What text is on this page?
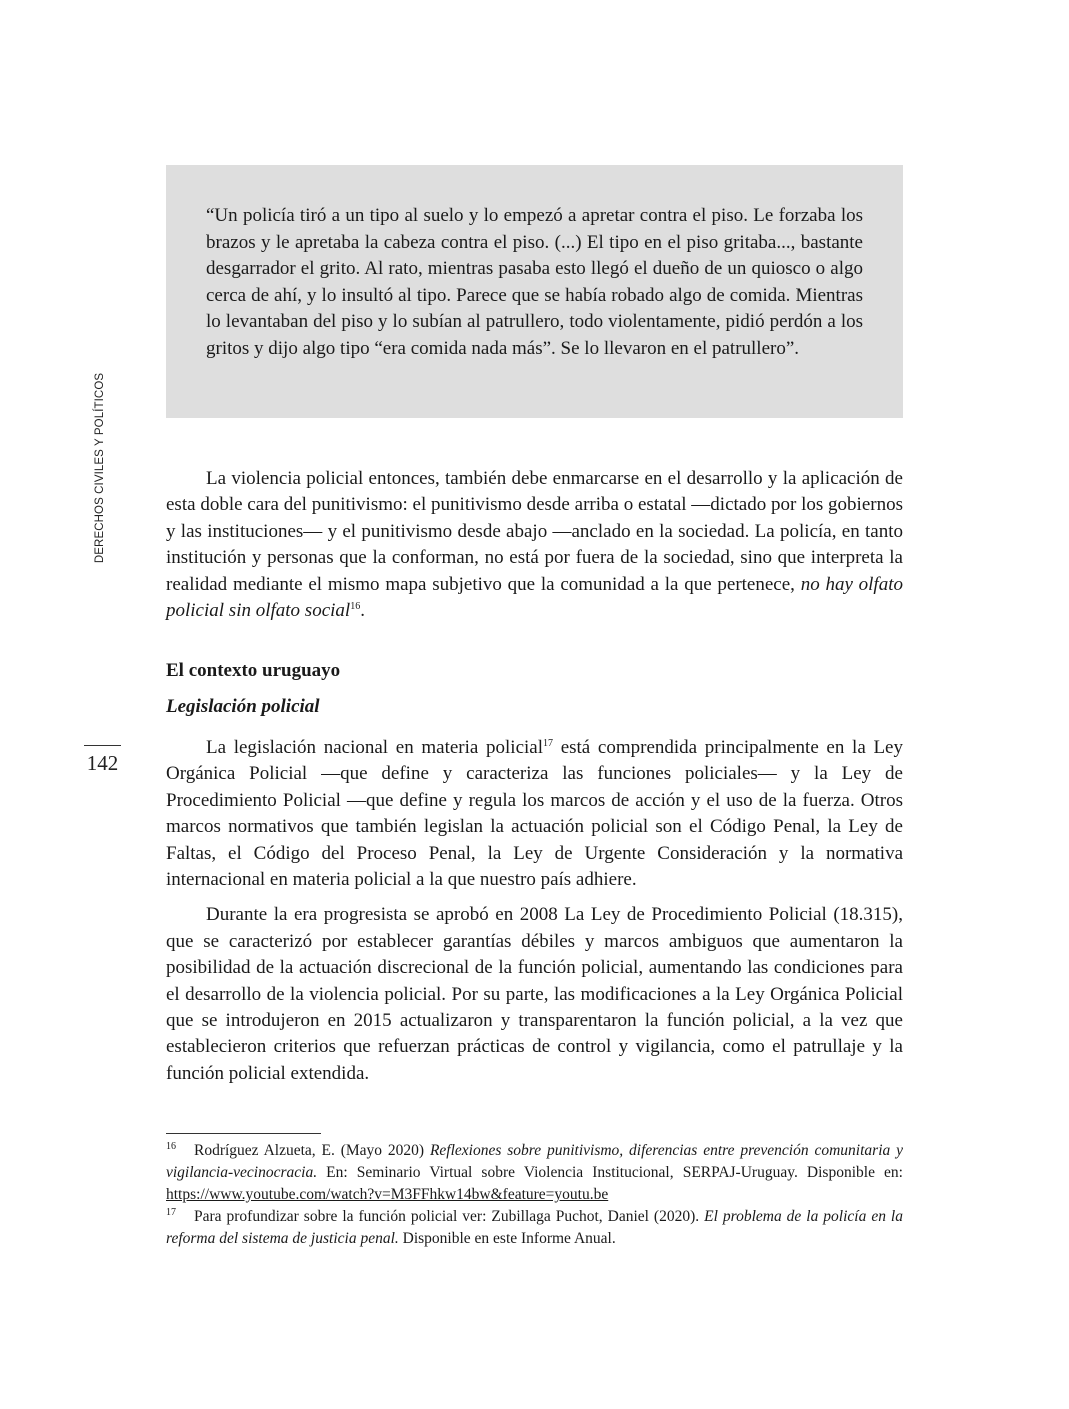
DERECHOS CIVILES Y POLÍTICOS
142

“Un policía tiró a un tipo al suelo y lo empezó a apretar contra el piso. Le forzaba los brazos y le apretaba la cabeza contra el piso. (...) El tipo en el piso gritaba..., bastante desgarrador el grito. Al rato, mientras pasaba esto llegó el dueño de un quiosco o algo cerca de ahí, y lo insultó al tipo. Parece que se había robado algo de comida. Mientras lo levantaban del piso y lo subían al patrullero, todo violentamente, pidió perdón a los gritos y dijo algo tipo “era comida nada más”. Se lo llevaron en el patrullero”.

La violencia policial entonces, también debe enmarcarse en el desarrollo y la aplicación de esta doble cara del punitivismo: el punitivismo desde arriba o estatal —dictado por los gobiernos y las instituciones— y el punitivismo desde abajo —anclado en la sociedad. La policía, en tanto institución y personas que la conforman, no está por fuera de la sociedad, sino que interpreta la realidad mediante el mismo mapa subjetivo que la comunidad a la que pertenece, no hay olfato policial sin olfato social$^{16}$.

El contexto uruguayo
Legislación policial

La legislación nacional en materia policial$^{17}$ está comprendida principalmente en la Ley Orgánica Policial —que define y caracteriza las funciones policiales— y la Ley de Procedimiento Policial —que define y regula los marcos de acción y el uso de la fuerza. Otros marcos normativos que también legislan la actuación policial son el Código Penal, la Ley de Faltas, el Código del Proceso Penal, la Ley de Urgente Consideración y la normativa internacional en materia policial a la que nuestro país adhiere.

Durante la era progresista se aprobó en 2008 La Ley de Procedimiento Policial (18.315), que se caracterizó por establecer garantías débiles y marcos ambiguos que aumentaron la posibilidad de la actuación discrecional de la función policial, aumentando las condiciones para el desarrollo de la violencia policial. Por su parte, las modificaciones a la Ley Orgánica Policial que se introdujeron en 2015 actualizaron y transparentaron la función policial, a la vez que establecieron criterios que refuerzan prácticas de control y vigilancia, como el patrullaje y la función policial extendida.

16 Rodríguez Alzueta, E. (Mayo 2020) Reflexiones sobre punitivismo, diferencias entre prevención comunitaria y vigilancia-vecinocracia. En: Seminario Virtual sobre Violencia Institucional, SERPAJ-Uruguay. Disponible en: https://www.youtube.com/watch?v=M3FFhkw14bw&feature=youtu.be

17 Para profundizar sobre la función policial ver: Zubillaga Puchot, Daniel (2020). El problema de la policía en la reforma del sistema de justicia penal. Disponible en este Informe Anual.
